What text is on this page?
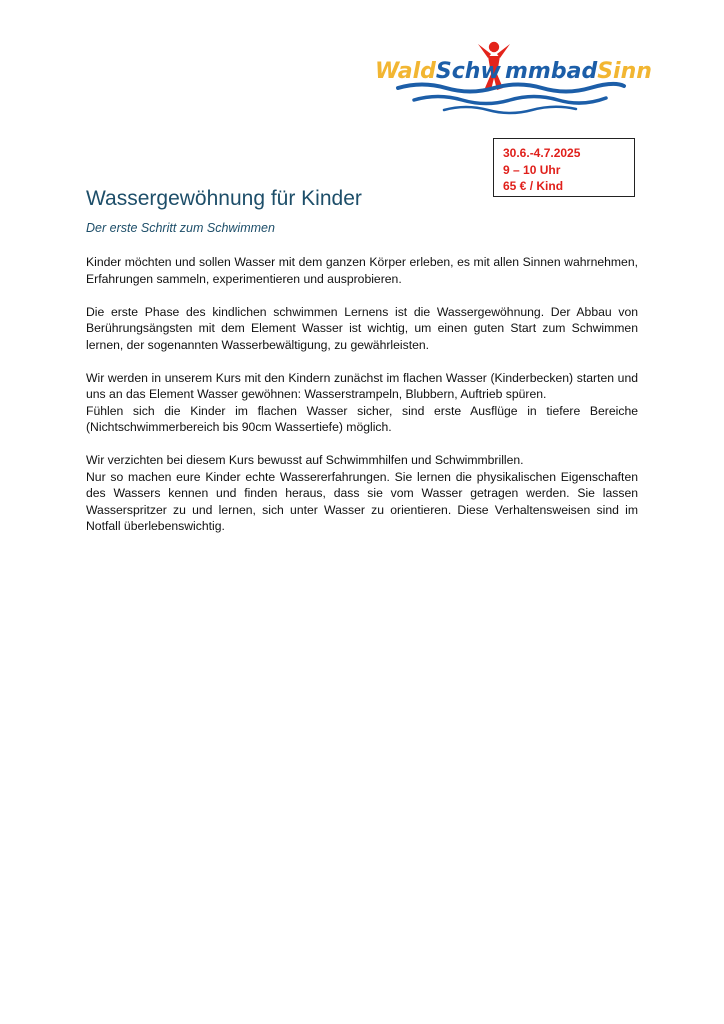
WaldSchw mmbadSinn
30.6.-4.7.2025
9 – 10 Uhr
65 € / Kind
Wassergewöhnung für Kinder

Der erste Schritt zum Schwimmen

Kinder möchten und sollen Wasser mit dem ganzen Körper erleben, es mit allen Sinnen wahrnehmen, Erfahrungen sammeln, experimentieren und ausprobieren.

Die erste Phase des kindlichen schwimmen Lernens ist die Wassergewöhnung. Der Abbau von Berührungsängsten mit dem Element Wasser ist wichtig, um einen guten Start zum Schwimmen lernen, der sogenannten Wasserbewältigung, zu gewährleisten.

Wir werden in unserem Kurs mit den Kindern zunächst im flachen Wasser (Kinderbecken) starten und uns an das Element Wasser gewöhnen: Wasserstrampeln, Blubbern, Auftrieb spüren.

Fühlen sich die Kinder im flachen Wasser sicher, sind erste Ausflüge in tiefere Bereiche (Nichtschwimmerbereich bis 90cm Wassertiefe) möglich.

Wir verzichten bei diesem Kurs bewusst auf Schwimmhilfen und Schwimmbrillen.

Nur so machen eure Kinder echte Wassererfahrungen. Sie lernen die physikalischen Eigenschaften des Wassers kennen und finden heraus, dass sie vom Wasser getragen werden. Sie lassen Wasserspritzer zu und lernen, sich unter Wasser zu orientieren. Diese Verhaltensweisen sind im Notfall überlebenswichtig.
